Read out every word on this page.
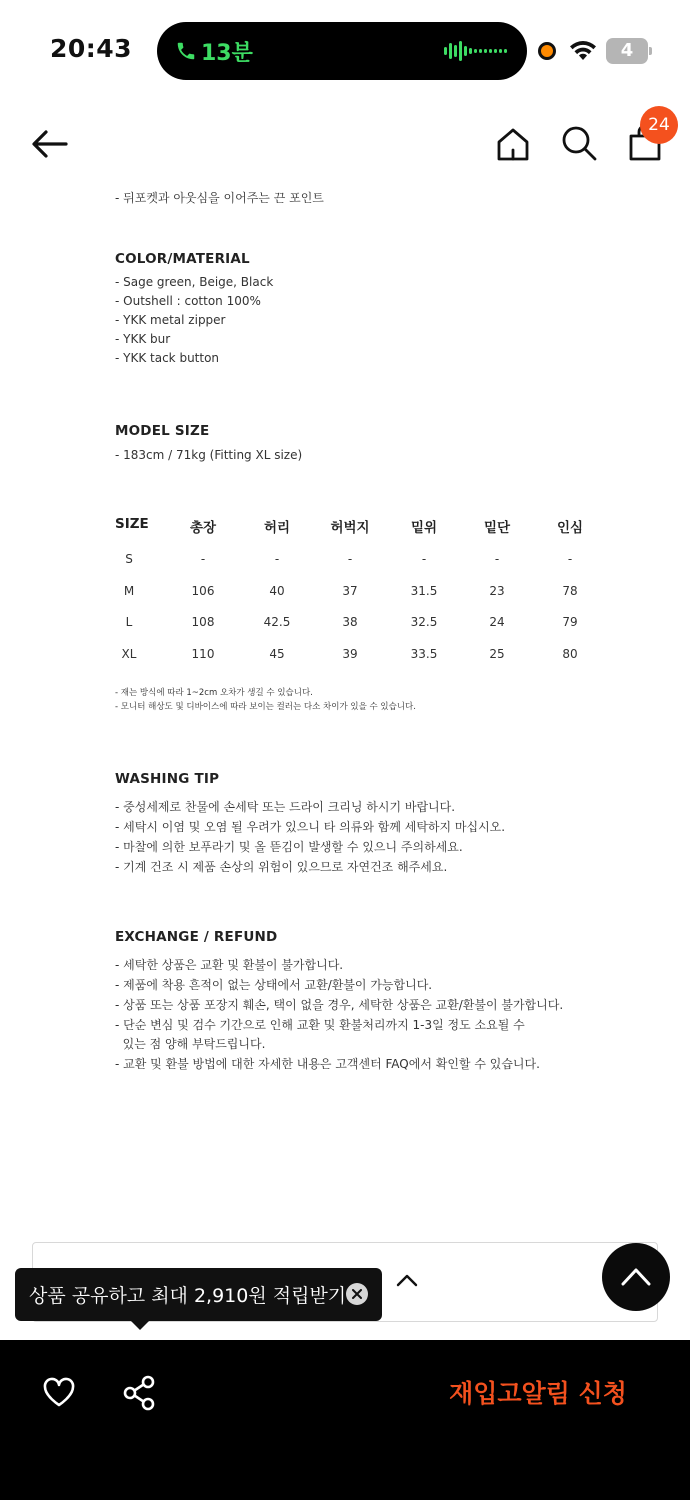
20:43	13분	4
24
- 뒤포켓과 아웃심을 이어주는 끈 포인트
COLOR/MATERIAL
- Sage green, Beige, Black
- Outshell : cotton 100%
- YKK metal zipper
- YKK bur
- YKK tack button
MODEL SIZE
- 183cm / 71kg (Fitting XL size)
SIZE	총장	허리	허벅지	밑위	밑단	인심
S	-	-	-	-	-	-
M	106	40	37	31.5	23	78
L	108	42.5	38	32.5	24	79
XL	110	45	39	33.5	25	80
- 재는 방식에 따라 1~2cm 오차가 생길 수 있습니다.
- 모니터 해상도 및 디바이스에 따라 보이는 컬러는 다소 차이가 있을 수 있습니다.
WASHING TIP
- 중성세제로 찬물에 손세탁 또는 드라이 크리닝 하시기 바랍니다.
- 세탁시 이염 및 오염 될 우려가 있으니 타 의류와 함께 세탁하지 마십시오.
- 마찰에 의한 보푸라기 및 올 뜯김이 발생할 수 있으니 주의하세요.
- 기계 건조 시 제품 손상의 위험이 있으므로 자연건조 해주세요.
EXCHANGE / REFUND
- 세탁한 상품은 교환 및 환불이 불가합니다.
- 제품에 착용 흔적이 없는 상태에서 교환/환불이 가능합니다.
- 상품 또는 상품 포장지 훼손, 택이 없을 경우, 세탁한 상품은 교환/환불이 불가합니다.
- 단순 변심 및 검수 기간으로 인해 교환 및 환불처리까지 1-3일 정도 소요될 수
있는 점 양해 부탁드립니다.
- 교환 및 환불 방법에 대한 자세한 내용은 고객센터 FAQ에서 확인할 수 있습니다.
상품 공유하고 최대 2,910원 적립받기
재입고알림 신청
